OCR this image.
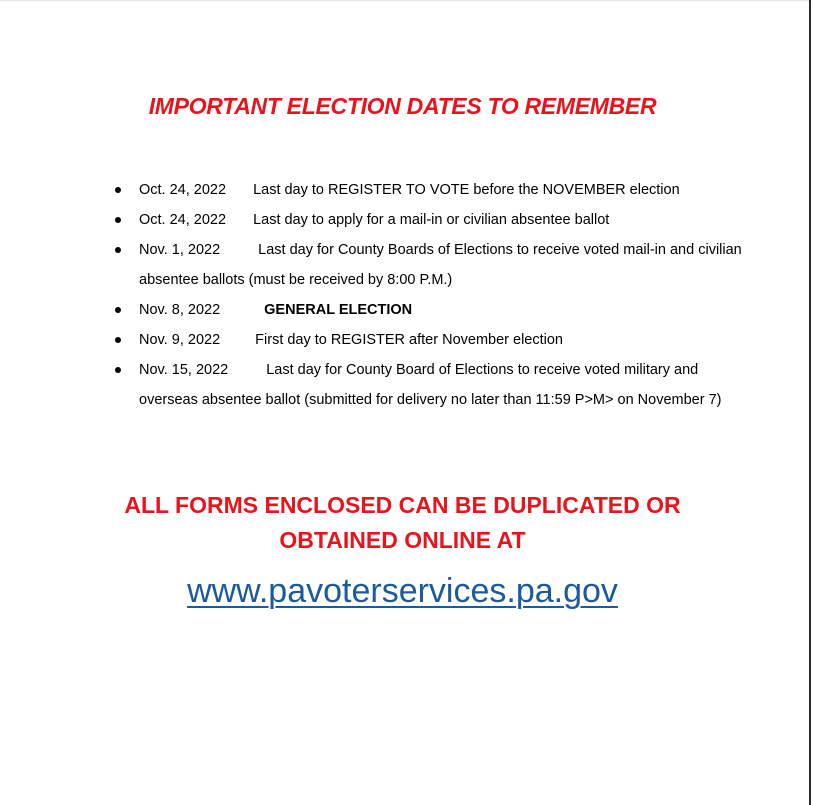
IMPORTANT ELECTION DATES TO REMEMBER
Oct. 24, 2022 Last day to REGISTER TO VOTE before the NOVEMBER election
Oct. 24, 2022 Last day to apply for a mail-in or civilian absentee ballot
Nov. 1, 2022	Last day for County Boards of Elections to receive voted mail-in and civilian absentee ballots (must be received by 8:00 P.M.)
Nov. 8, 2022	GENERAL ELECTION
Nov. 9, 2022 First day to REGISTER after November election
Nov. 15, 2022	Last day for County Board of Elections to receive voted military and overseas absentee ballot (submitted for delivery no later than 11:59 P>M> on November 7)
ALL FORMS ENCLOSED CAN BE DUPLICATED OR
OBTAINED ONLINE AT
www.pavoterservices.pa.gov
